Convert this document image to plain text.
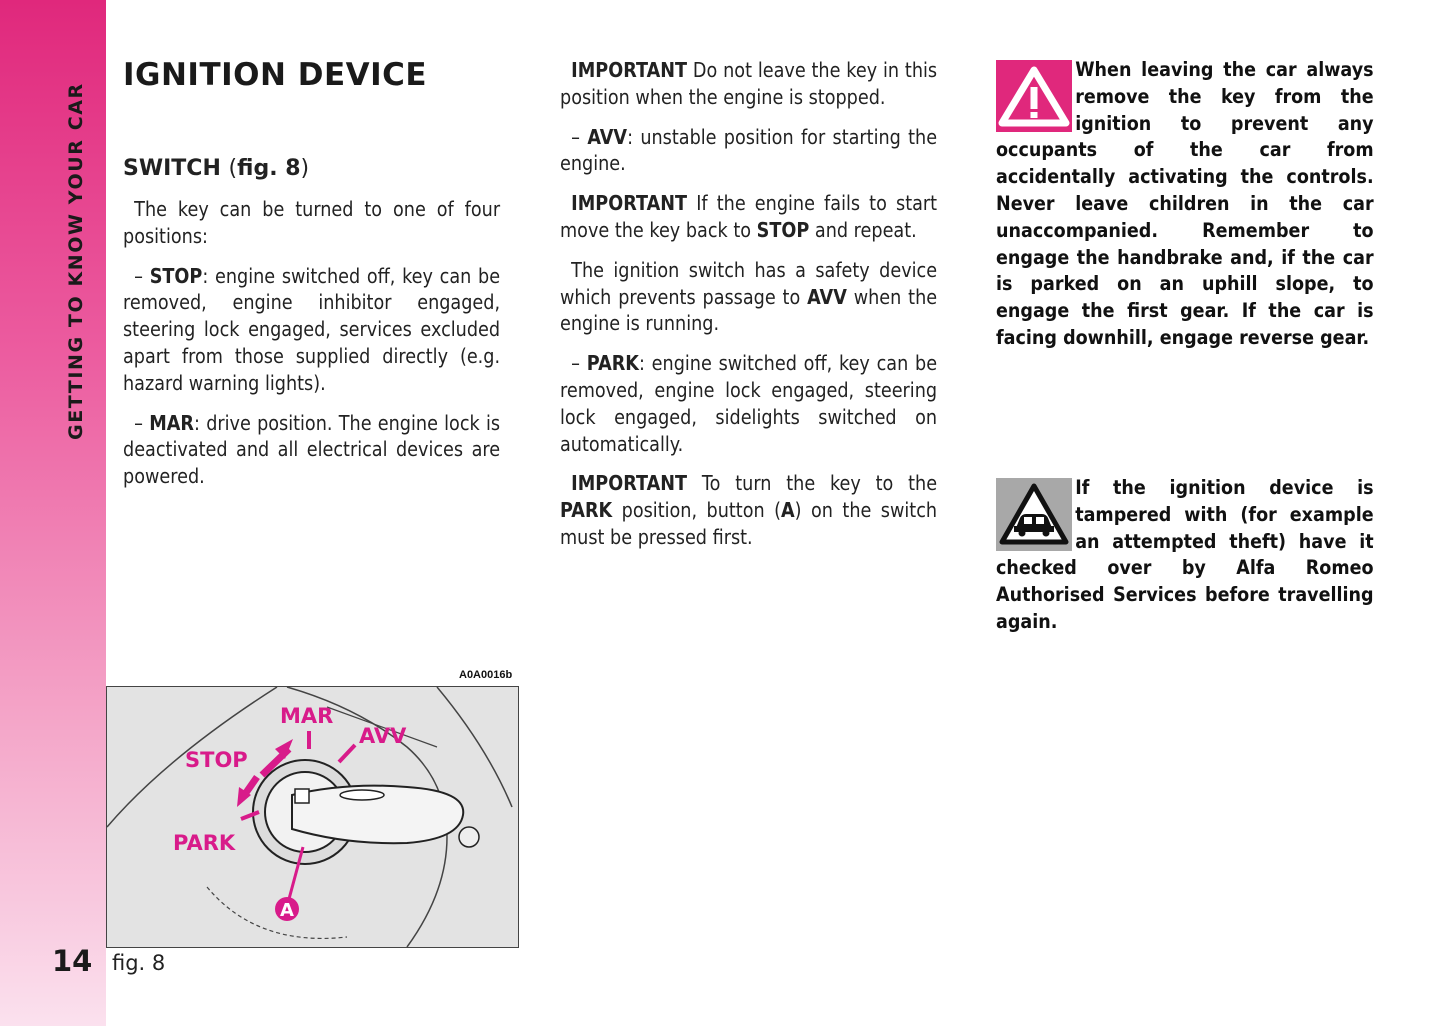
GETTING TO KNOW YOUR CAR
14
IGNITION DEVICE
SWITCH (fig. 8)

The key can be turned to one of four positions:

– STOP: engine switched off, key can be removed, engine inhibitor engaged, steering lock engaged, services excluded apart from those supplied directly (e.g. hazard warning lights).

– MAR: drive position. The engine lock is deactivated and all electrical devices are powered.

IMPORTANT Do not leave the key in this position when the engine is stopped.

– AVV: unstable position for starting the engine.

IMPORTANT If the engine fails to start move the key back to STOP and repeat.

The ignition switch has a safety device which prevents passage to AVV when the engine is running.

– PARK: engine switched off, key can be removed, engine lock engaged, steering lock engaged, sidelights switched on automatically.

IMPORTANT To turn the key to the PARK position, button (A) on the switch must be pressed first.

When leaving the car always remove the key from the ignition to prevent any occupants of the car from accidentally activating the controls. Never leave children in the car unaccompanied. Remember to engage the handbrake and, if the car is parked on an uphill slope, to engage the first gear. If the car is facing downhill, engage reverse gear.
If the ignition device is tampered with (for example an attempted theft) have it checked over by Alfa Romeo Authorised Services before travelling again.
A0A0016b
MAR
AVV
STOP
PARK
A
fig. 8
